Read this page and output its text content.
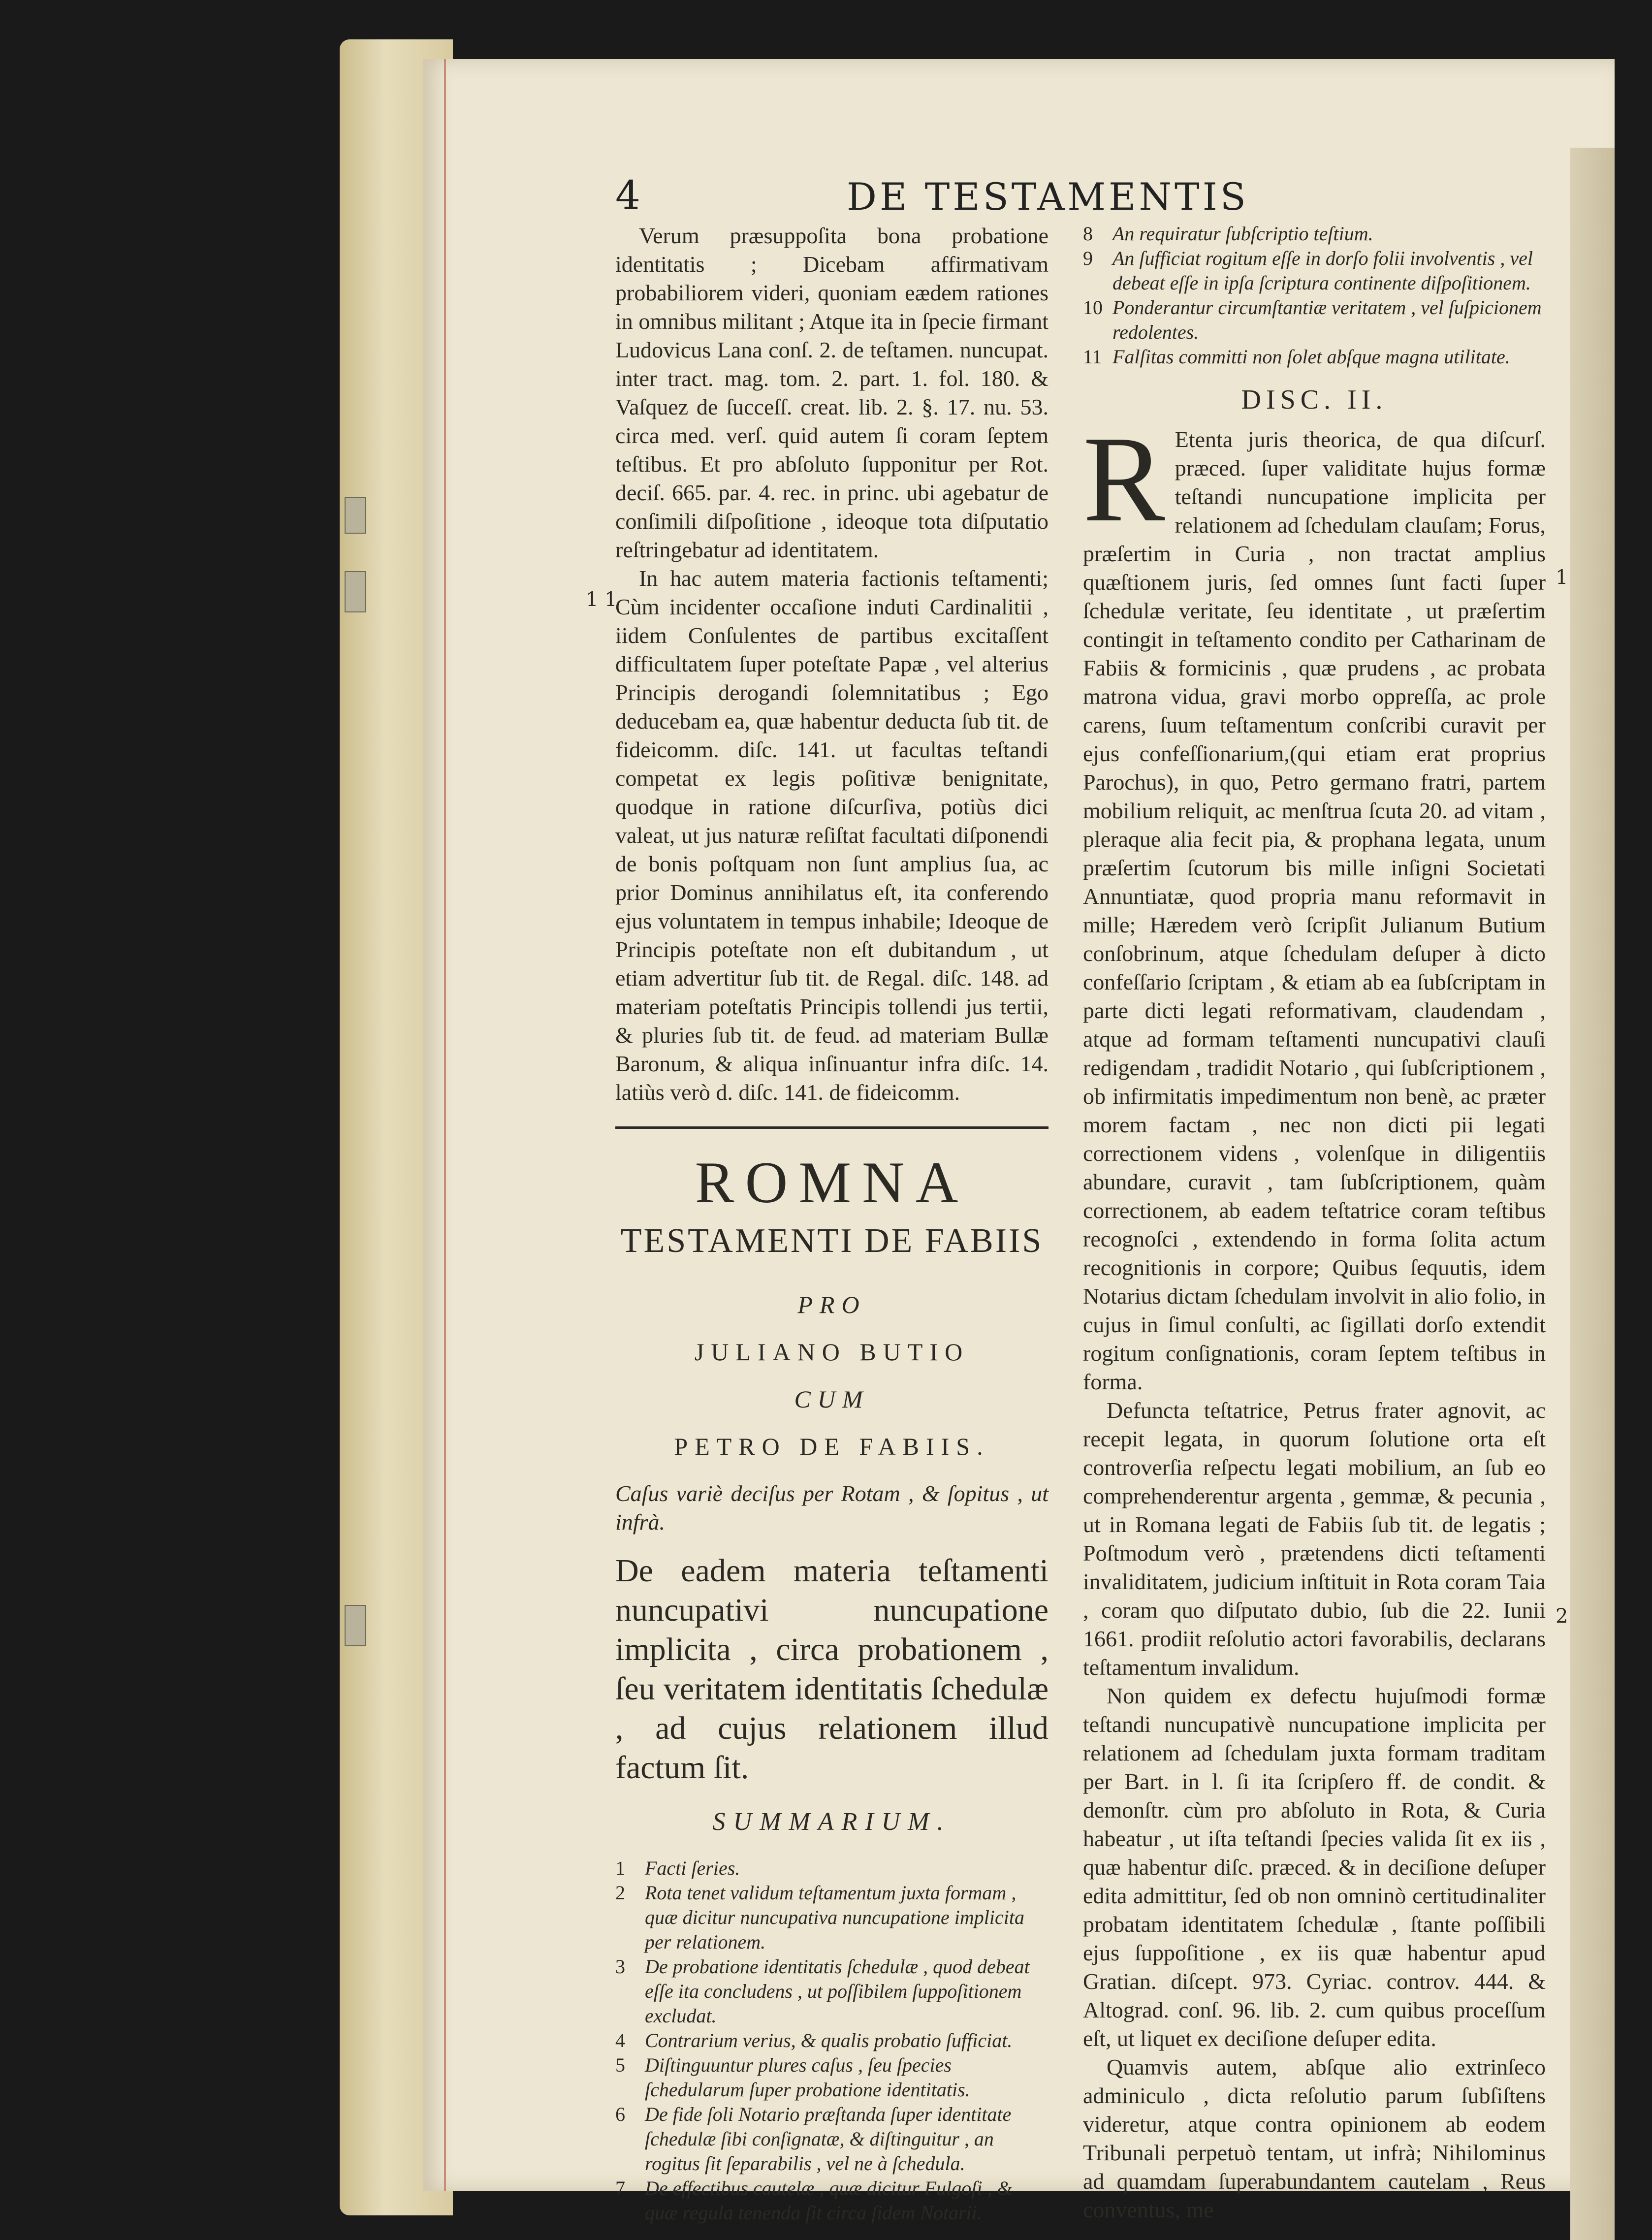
4	DE TESTAMENTIS

Verum præsuppoſita bona probatione identitatis ; Dicebam affirmativam probabiliorem videri, quoniam eædem rationes in omnibus militant ; Atque ita in ſpecie firmant Ludovicus Lana conſ. 2. de teſtamen. nuncupat. inter tract. mag. tom. 2. part. 1. fol. 180. & Vaſquez de ſucceſſ. creat. lib. 2. §. 17. nu. 53. circa med. verſ. quid autem ſi coram ſeptem teſtibus. Et pro abſoluto ſupponitur per Rot. deciſ. 665. par. 4. rec. in princ. ubi agebatur de conſimili diſpoſitione , ideoque tota diſputatio reſtringebatur ad identitatem.

In hac autem materia factionis teſtamenti; Cùm incidenter occaſione induti Cardinalitii , iidem Conſulentes de partibus excitaſſent difficultatem ſuper poteſtate Papæ , vel alterius Principis derogandi ſolemnitatibus ; Ego deducebam ea, quæ habentur deducta ſub tit. de fideicomm. diſc. 141. ut facultas teſtandi competat ex legis poſitivæ benignitate, quodque in ratione diſcurſiva, potiùs dici valeat, ut jus naturæ reſiſtat facultati diſponendi de bonis poſtquam non ſunt amplius ſua, ac prior Dominus annihilatus eſt, ita conferendo ejus voluntatem in tempus inhabile; Ideoque de Principis poteſtate non eſt dubitandum , ut etiam advertitur ſub tit. de Regal. diſc. 148. ad materiam poteſtatis Principis tollendi jus tertii, & pluries ſub tit. de feud. ad materiam Bullæ Baronum, & aliqua inſinuantur infra diſc. 14. latiùs verò d. diſc. 141. de fideicomm.

ROMNA
TESTAMENTI DE FABIIS
PRO
JULIANO BUTIO
CUM
PETRO DE FABIIS.

Caſus variè deciſus per Rotam , & ſopitus , ut infrà.

De eadem materia teſtamenti nuncupativi nuncupatione implicita , circa probationem , ſeu veritatem identitatis ſchedulæ , ad cujus relationem illud factum ſit.
SUMMARIUM.

1	Facti ſeries.

2	Rota tenet validum teſtamentum juxta formam , quæ dicitur nuncupativa nuncupatione implicita per relationem.

3	De probatione identitatis ſchedulæ , quod debeat eſſe ita concludens , ut poſſibilem ſuppoſitionem excludat.

4	Contrarium verius, & qualis probatio ſufficiat.

5	Diſtinguuntur plures caſus , ſeu ſpecies ſchedularum ſuper probatione identitatis.

6	De fide ſoli Notario præſtanda ſuper identitate ſchedulæ ſibi conſignatæ, & diſtinguitur , an rogitus ſit ſeparabilis , vel ne à ſchedula.

7	De effectibus cautelæ , quæ dicitur Fulgoſi , & quæ regula tenenda ſit circa ſidem Notarii.

8	An requiratur ſubſcriptio teſtium.

9	An ſufficiat rogitum eſſe in dorſo folii involventis , vel debeat eſſe in ipſa ſcriptura continente diſpoſitionem.

10 Ponderantur circumſtantiæ veritatem , vel ſuſpicionem redolentes.

11 Falſitas committi non ſolet abſque magna utilitate.

DISC. II.

R Etenta juris theorica, de qua diſcurſ. præced. ſuper validitate hujus formæ teſtandi nuncupatione implicita per relationem ad ſchedulam clauſam; Forus, præſertim in Curia , non tractat amplius quæſtionem juris, ſed omnes ſunt facti ſuper ſchedulæ veritate, ſeu identitate , ut præſertim contingit in teſtamento condito per Catharinam de Fabiis & formicinis , quæ prudens , ac probata matrona vidua, gravi morbo oppreſſa, ac prole carens, ſuum teſtamentum conſcribi curavit per ejus confeſſionarium,(qui etiam erat proprius Parochus), in quo, Petro germano fratri, partem mobilium reliquit, ac menſtrua ſcuta 20. ad vitam , pleraque alia fecit pia, & prophana legata, unum præſertim ſcutorum bis mille inſigni Societati Annuntiatæ, quod propria manu reformavit in mille; Hæredem verò ſcripſit Julianum Butium conſobrinum, atque ſchedulam deſuper à dicto confeſſario ſcriptam , & etiam ab ea ſubſcriptam in parte dicti legati reformativam, claudendam , atque ad formam teſtamenti nuncupativi clauſi redigendam , tradidit Notario , qui ſubſcriptionem , ob infirmitatis impedimentum non benè, ac præter morem factam , nec non dicti pii legati correctionem videns , volenſque in diligentiis abundare, curavit , tam ſubſcriptionem, quàm correctionem, ab eadem teſtatrice coram teſtibus recognoſci , extendendo in forma ſolita actum recognitionis in corpore; Quibus ſequutis, idem Notarius dictam ſchedulam involvit in alio folio, in cujus in ſimul conſulti, ac ſigillati dorſo extendit rogitum conſignationis, coram ſeptem teſtibus in forma.

Defuncta teſtatrice, Petrus frater agnovit, ac recepit legata, in quorum ſolutione orta eſt controverſia reſpectu legati mobilium, an ſub eo comprehenderentur argenta , gemmæ, & pecunia , ut in Romana legati de Fabiis ſub tit. de legatis ; Poſtmodum verò , prætendens dicti teſtamenti invaliditatem, judicium inſtituit in Rota coram Taia , coram quo diſputato dubio, ſub die 22. Iunii 1661. prodiit reſolutio actori favorabilis, declarans teſtamentum invalidum.

Non quidem ex defectu hujuſmodi formæ teſtandi nuncupativè nuncupatione implicita per relationem ad ſchedulam juxta formam traditam per Bart. in l. ſi ita ſcripſero ff. de condit. & demonſtr. cùm pro abſoluto in Rota, & Curia habeatur , ut iſta teſtandi ſpecies valida ſit ex iis , quæ habentur diſc. præced. & in deciſione deſuper edita admittitur, ſed ob non omninò certitudinaliter probatam identitatem ſchedulæ , ſtante poſſibili ejus ſuppoſitione , ex iis quæ habentur apud Gratian. diſcept. 973. Cyriac. controv. 444. & Altograd. conſ. 96. lib. 2. cum quibus proceſſum eſt, ut liquet ex deciſione deſuper edita.

Quamvis autem, abſque alio extrinſeco adminiculo , dicta reſolutio parum ſubſiſtens videretur, atque contra opinionem ab eodem Tribunali perpetuò tentam, ut infrà; Nihilominus ad quamdam ſuperabundantem cautelam , Reus conventus, me

1 1
1
2
